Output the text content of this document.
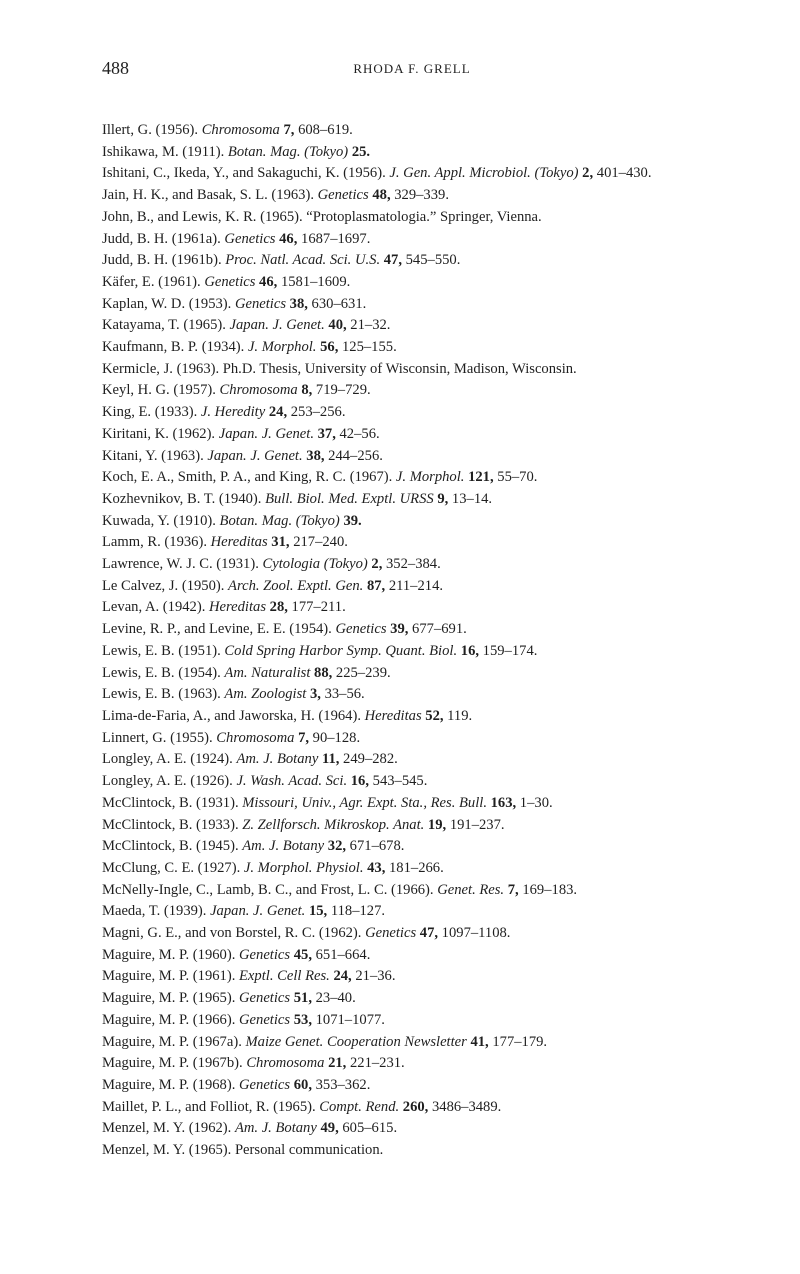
488	RHODA F. GRELL
Illert, G. (1956). Chromosoma 7, 608–619.
Ishikawa, M. (1911). Botan. Mag. (Tokyo) 25.
Ishitani, C., Ikeda, Y., and Sakaguchi, K. (1956). J. Gen. Appl. Microbiol. (Tokyo) 2, 401–430.
Jain, H. K., and Basak, S. L. (1963). Genetics 48, 329–339.
John, B., and Lewis, K. R. (1965). “Protoplasmatologia.” Springer, Vienna.
Judd, B. H. (1961a). Genetics 46, 1687–1697.
Judd, B. H. (1961b). Proc. Natl. Acad. Sci. U.S. 47, 545–550.
Käfer, E. (1961). Genetics 46, 1581–1609.
Kaplan, W. D. (1953). Genetics 38, 630–631.
Katayama, T. (1965). Japan. J. Genet. 40, 21–32.
Kaufmann, B. P. (1934). J. Morphol. 56, 125–155.
Kermicle, J. (1963). Ph.D. Thesis, University of Wisconsin, Madison, Wisconsin.
Keyl, H. G. (1957). Chromosoma 8, 719–729.
King, E. (1933). J. Heredity 24, 253–256.
Kiritani, K. (1962). Japan. J. Genet. 37, 42–56.
Kitani, Y. (1963). Japan. J. Genet. 38, 244–256.
Koch, E. A., Smith, P. A., and King, R. C. (1967). J. Morphol. 121, 55–70.
Kozhevnikov, B. T. (1940). Bull. Biol. Med. Exptl. URSS 9, 13–14.
Kuwada, Y. (1910). Botan. Mag. (Tokyo) 39.
Lamm, R. (1936). Hereditas 31, 217–240.
Lawrence, W. J. C. (1931). Cytologia (Tokyo) 2, 352–384.
Le Calvez, J. (1950). Arch. Zool. Exptl. Gen. 87, 211–214.
Levan, A. (1942). Hereditas 28, 177–211.
Levine, R. P., and Levine, E. E. (1954). Genetics 39, 677–691.
Lewis, E. B. (1951). Cold Spring Harbor Symp. Quant. Biol. 16, 159–174.
Lewis, E. B. (1954). Am. Naturalist 88, 225–239.
Lewis, E. B. (1963). Am. Zoologist 3, 33–56.
Lima-de-Faria, A., and Jaworska, H. (1964). Hereditas 52, 119.
Linnert, G. (1955). Chromosoma 7, 90–128.
Longley, A. E. (1924). Am. J. Botany 11, 249–282.
Longley, A. E. (1926). J. Wash. Acad. Sci. 16, 543–545.
McClintock, B. (1931). Missouri, Univ., Agr. Expt. Sta., Res. Bull. 163, 1–30.
McClintock, B. (1933). Z. Zellforsch. Mikroskop. Anat. 19, 191–237.
McClintock, B. (1945). Am. J. Botany 32, 671–678.
McClung, C. E. (1927). J. Morphol. Physiol. 43, 181–266.
McNelly-Ingle, C., Lamb, B. C., and Frost, L. C. (1966). Genet. Res. 7, 169–183.
Maeda, T. (1939). Japan. J. Genet. 15, 118–127.
Magni, G. E., and von Borstel, R. C. (1962). Genetics 47, 1097–1108.
Maguire, M. P. (1960). Genetics 45, 651–664.
Maguire, M. P. (1961). Exptl. Cell Res. 24, 21–36.
Maguire, M. P. (1965). Genetics 51, 23–40.
Maguire, M. P. (1966). Genetics 53, 1071–1077.
Maguire, M. P. (1967a). Maize Genet. Cooperation Newsletter 41, 177–179.
Maguire, M. P. (1967b). Chromosoma 21, 221–231.
Maguire, M. P. (1968). Genetics 60, 353–362.
Maillet, P. L., and Folliot, R. (1965). Compt. Rend. 260, 3486–3489.
Menzel, M. Y. (1962). Am. J. Botany 49, 605–615.
Menzel, M. Y. (1965). Personal communication.
